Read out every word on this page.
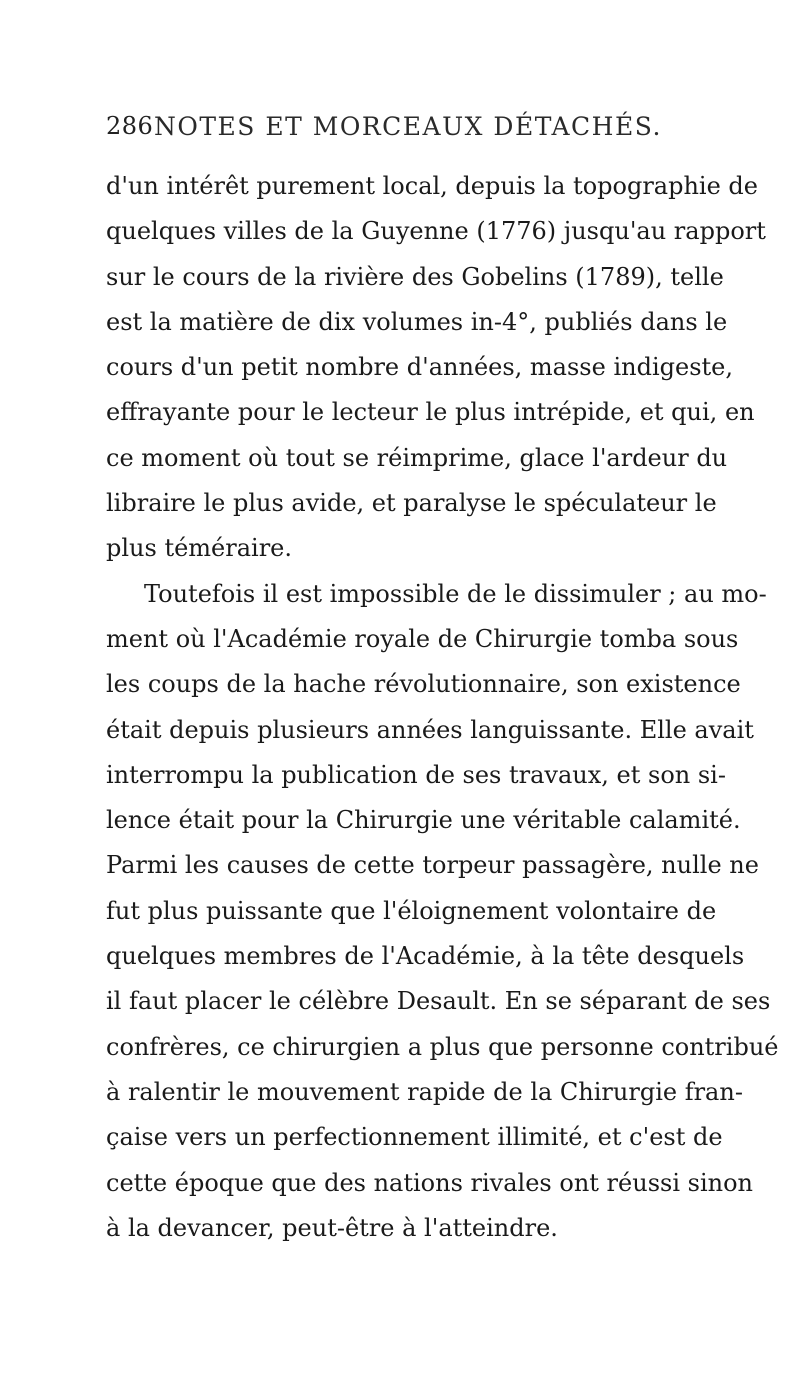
286 NOTES ET MORCEAUX DÉTACHÉS.
d'un intérêt purement local, depuis la topographie de
quelques villes de la Guyenne (1776) jusqu'au rapport
sur le cours de la rivière des Gobelins (1789), telle
est la matière de dix volumes in-4°, publiés dans le
cours d'un petit nombre d'années, masse indigeste,
effrayante pour le lecteur le plus intrépide, et qui, en
ce moment où tout se réimprime, glace l'ardeur du
libraire le plus avide, et paralyse le spéculateur le
plus téméraire.
Toutefois il est impossible de le dissimuler ; au mo-
ment où l'Académie royale de Chirurgie tomba sous
les coups de la hache révolutionnaire, son existence
était depuis plusieurs années languissante. Elle avait
interrompu la publication de ses travaux, et son si-
lence était pour la Chirurgie une véritable calamité.
Parmi les causes de cette torpeur passagère, nulle ne
fut plus puissante que l'éloignement volontaire de
quelques membres de l'Académie, à la tête desquels
il faut placer le célèbre Desault. En se séparant de ses
confrères, ce chirurgien a plus que personne contribué
à ralentir le mouvement rapide de la Chirurgie fran-
çaise vers un perfectionnement illimité, et c'est de
cette époque que des nations rivales ont réussi sinon
à la devancer, peut-être à l'atteindre.
